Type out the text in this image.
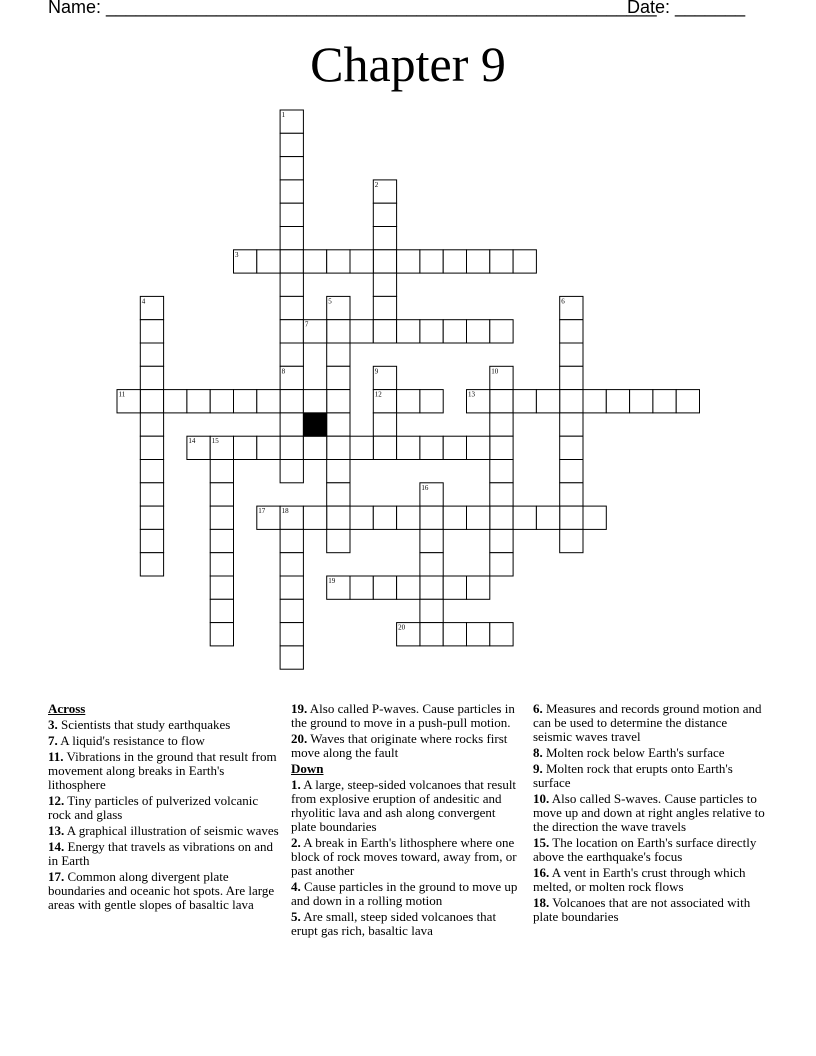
Name: _______________________________________________________
Date: _______
Chapter 9
1
2
3
4	5	6
7
8	9	10
11	12	13
14 15
16
17 18
19
20
Across
3. Scientists that study earthquakes
7. A liquid's resistance to flow
11. Vibrations in the ground that result from movement along breaks in Earth's lithosphere
12. Tiny particles of pulverized volcanic rock and glass
13. A graphical illustration of seismic waves
14. Energy that travels as vibrations on and in Earth
17. Common along divergent plate boundaries and oceanic hot spots. Are large areas with gentle slopes of basaltic lava
19. Also called P-waves. Cause particles in the ground to move in a push-pull motion.
20. Waves that originate where rocks first move along the fault
Down
1. A large, steep-sided volcanoes that result from explosive eruption of andesitic and rhyolitic lava and ash along convergent plate boundaries
2. A break in Earth's lithosphere where one block of rock moves toward, away from, or past another
4. Cause particles in the ground to move up and down in a rolling motion
5. Are small, steep sided volcanoes that erupt gas rich, basaltic lava
6. Measures and records ground motion and can be used to determine the distance seismic waves travel
8. Molten rock below Earth's surface
9. Molten rock that erupts onto Earth's surface
10. Also called S-waves. Cause particles to move up and down at right angles relative to the direction the wave travels
15. The location on Earth's surface directly above the earthquake's focus
16. A vent in Earth's crust through which melted, or molten rock flows
18. Volcanoes that are not associated with plate boundaries
